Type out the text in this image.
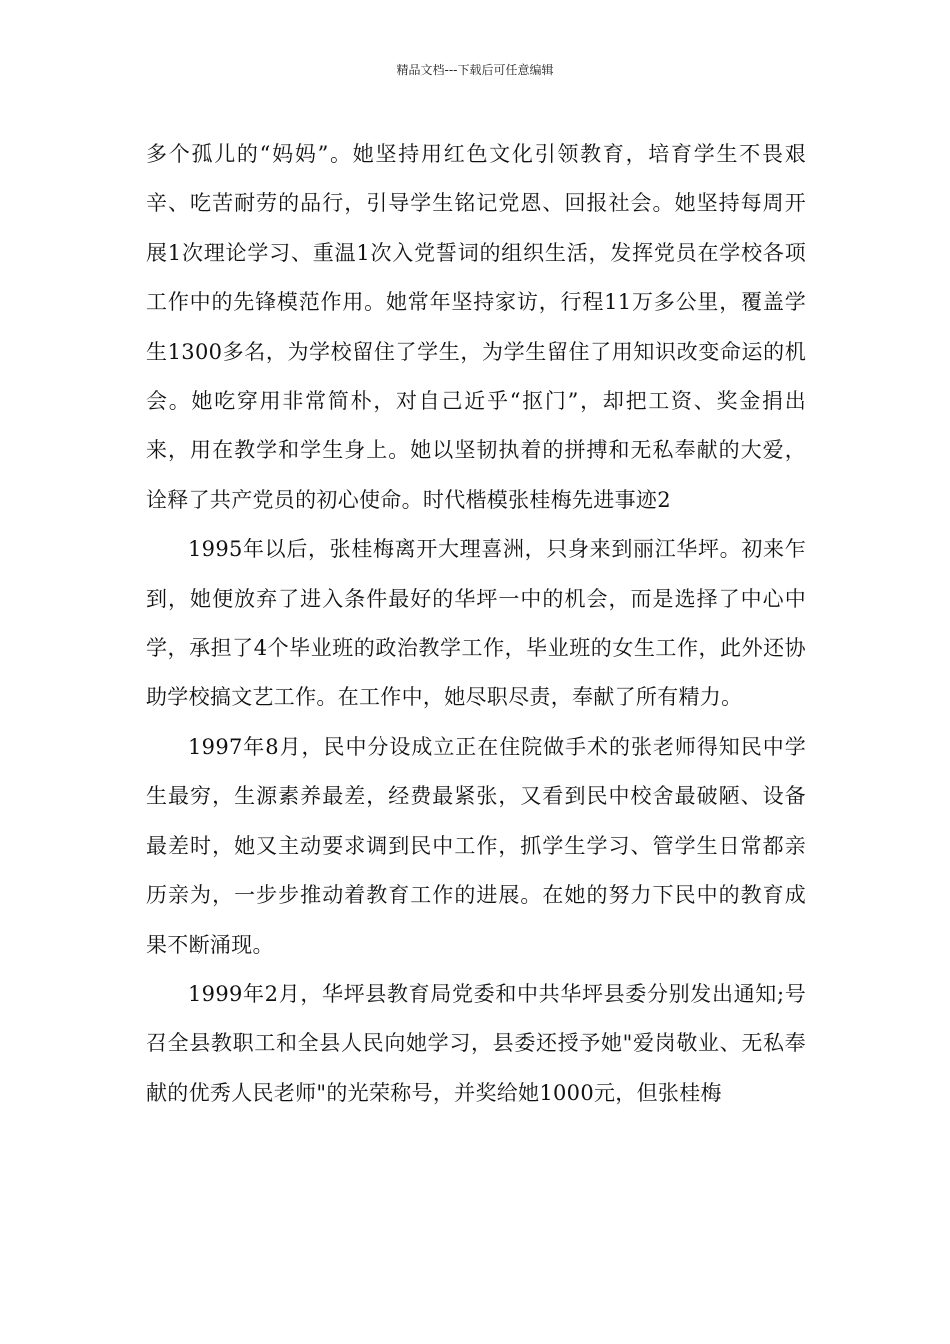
精品文档---下载后可任意编辑

多个孤儿的“妈妈”。她坚持用红色文化引领教育，培育学生不畏艰辛、吃苦耐劳的品行，引导学生铭记党恩、回报社会。她坚持每周开展1次理论学习、重温1次入党誓词的组织生活，发挥党员在学校各项工作中的先锋模范作用。她常年坚持家访，行程11万多公里，覆盖学生1300多名，为学校留住了学生，为学生留住了用知识改变命运的机会。她吃穿用非常简朴，对自己近乎“抠门”，却把工资、奖金捐出来，用在教学和学生身上。她以坚韧执着的拼搏和无私奉献的大爱，诠释了共产党员的初心使命。时代楷模张桂梅先进事迹2

1995年以后，张桂梅离开大理喜洲，只身来到丽江华坪。初来乍到，她便放弃了进入条件最好的华坪一中的机会，而是选择了中心中学，承担了4个毕业班的政治教学工作，毕业班的女生工作，此外还协助学校搞文艺工作。在工作中，她尽职尽责，奉献了所有精力。

1997年8月，民中分设成立正在住院做手术的张老师得知民中学生最穷，生源素养最差，经费最紧张，又看到民中校舍最破陋、设备最差时，她又主动要求调到民中工作，抓学生学习、管学生日常都亲历亲为，一步步推动着教育工作的进展。在她的努力下民中的教育成果不断涌现。

1999年2月，华坪县教育局党委和中共华坪县委分别发出通知;号召全县教职工和全县人民向她学习，县委还授予她"爱岗敬业、无私奉献的优秀人民老师"的光荣称号，并奖给她1000元，但张桂梅
